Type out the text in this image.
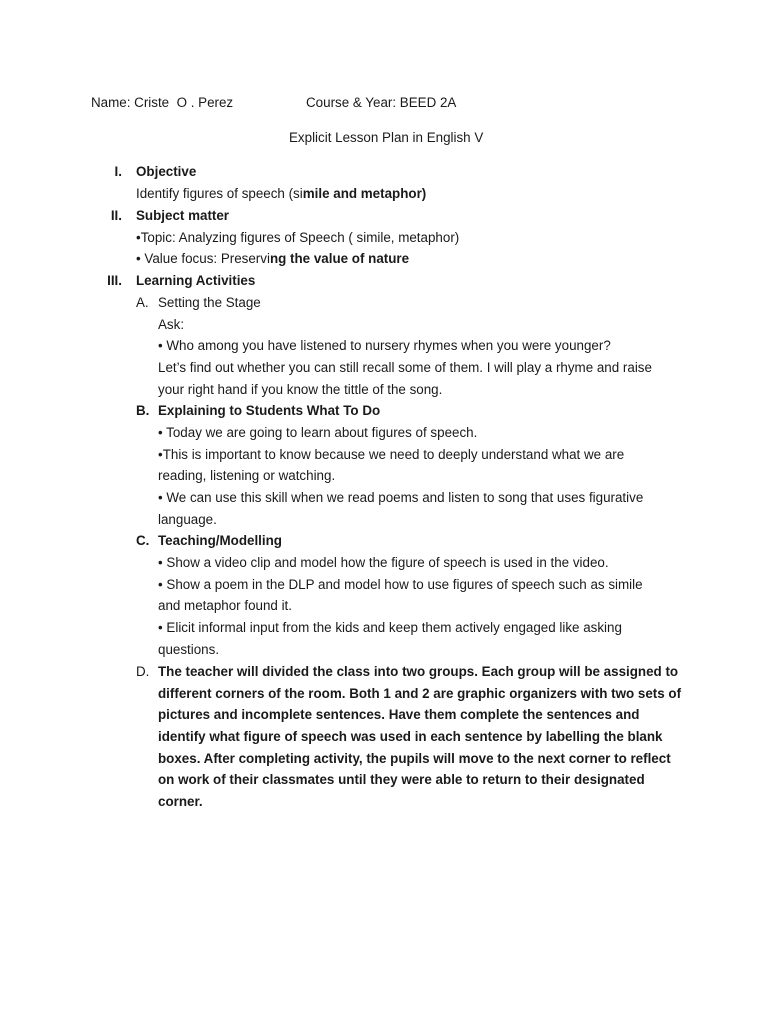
Name: Criste  O . Perez	Course & Year: BEED 2A
Explicit Lesson Plan in English V
I. Objective
Identify figures of speech (simile and metaphor)
II. Subject matter
•Topic: Analyzing figures of Speech ( simile, metaphor)
• Value focus: Preserving the value of nature
III. Learning Activities
A. Setting the Stage
Ask:
• Who among you have listened to nursery rhymes when you were younger?
Let’s find out whether you can still recall some of them. I will play a rhyme and raise
your right hand if you know the tittle of the song.
B. Explaining to Students What To Do
• Today we are going to learn about figures of speech.
•This is important to know because we need to deeply understand what we are
reading, listening or watching.
• We can use this skill when we read poems and listen to song that uses figurative
language.
C. Teaching/Modelling
• Show a video clip and model how the figure of speech is used in the video.
• Show a poem in the DLP and model how to use figures of speech such as simile
and metaphor found it.
• Elicit informal input from the kids and keep them actively engaged like asking
questions.
D. The teacher will divided the class into two groups. Each group will be assigned to
different corners of the room. Both 1 and 2 are graphic organizers with two sets of
pictures and incomplete sentences. Have them complete the sentences and
identify what figure of speech was used in each sentence by labelling the blank
boxes. After completing activity, the pupils will move to the next corner to reflect
on work of their classmates until they were able to return to their designated
corner.
